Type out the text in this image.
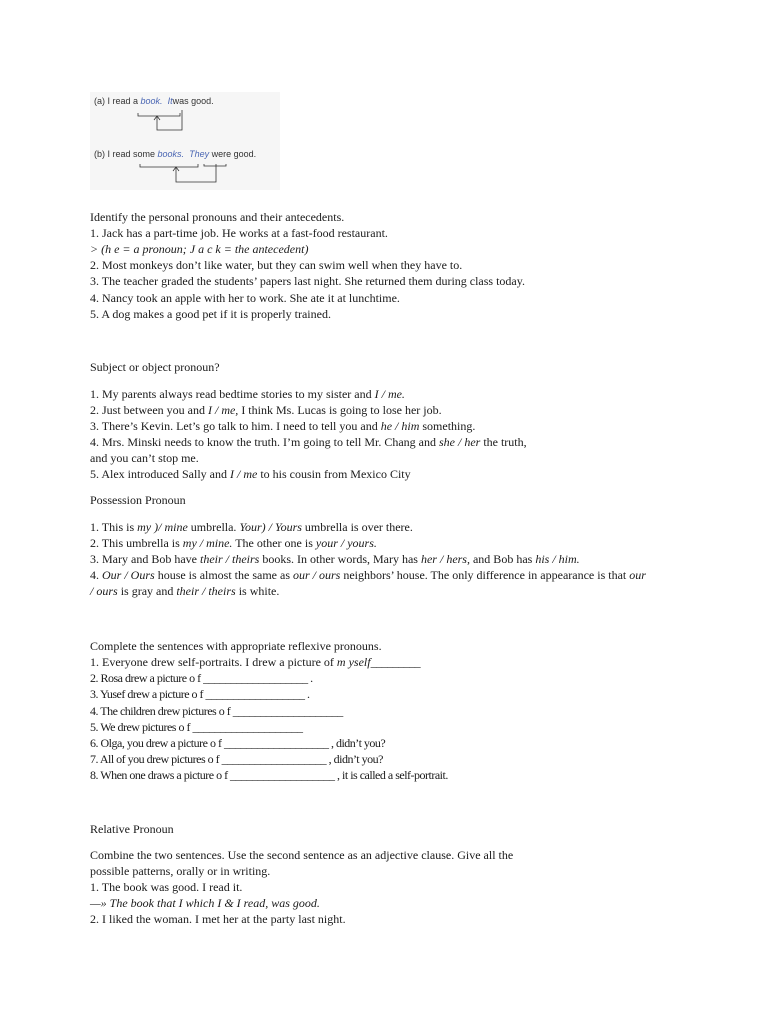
(a) I read a book. Itwas good.
(b) I read some books. They were good.
Identify the personal pronouns and their antecedents.
1. Jack has a part-time job. He works at a fast-food restaurant.
> (h e = a pronoun; J a c k = the antecedent)
2. Most monkeys don’t like water, but they can swim well when they have to.
3. The teacher graded the students’ papers last night. She returned them during class today.
4. Nancy took an apple with her to work. She ate it at lunchtime.
5. A dog makes a good pet if it is properly trained.
Subject or object pronoun?
1. My parents always read bedtime stories to my sister and I / me.
2. Just between you and I / me, I think Ms. Lucas is going to lose her job.
3. There’s Kevin. Let’s go talk to him. I need to tell you and he / him something.
4. Mrs. Minski needs to know the truth. I’m going to tell Mr. Chang and she / her the truth,
and you can’t stop me.
5. Alex introduced Sally and I / me to his cousin from Mexico City
Possession Pronoun
1. This is my )/ mine umbrella. Your) / Yours umbrella is over there.
2. This umbrella is my / mine. The other one is your / yours.
3. Mary and Bob have their / theirs books. In other words, Mary has her / hers, and Bob has his / him.
4. Our / Ours house is almost the same as our / ours neighbors’ house. The only difference in appearance is that our
/ ours is gray and their / theirs is white.
Complete the sentences with appropriate reflexive pronouns.
1. Everyone drew self-portraits. I drew a picture of m yself_________
2. Rosa drew a picture o f ___________________ .
3. Yusef drew a picture o f __________________ .
4. The children drew pictures o f ____________________
5. We drew pictures o f ____________________
6. Olga, you drew a picture o f ___________________ , didn’t you?
7. All of you drew pictures o f ___________________ , didn’t you?
8. When one draws a picture o f ___________________ , it is called a self-portrait.
Relative Pronoun
Combine the two sentences. Use the second sentence as an adjective clause. Give all the
possible patterns, orally or in writing.
1. The book was good. I read it.
—» The book that I which I & I read, was good.
2. I liked the woman. I met her at the party last night.
